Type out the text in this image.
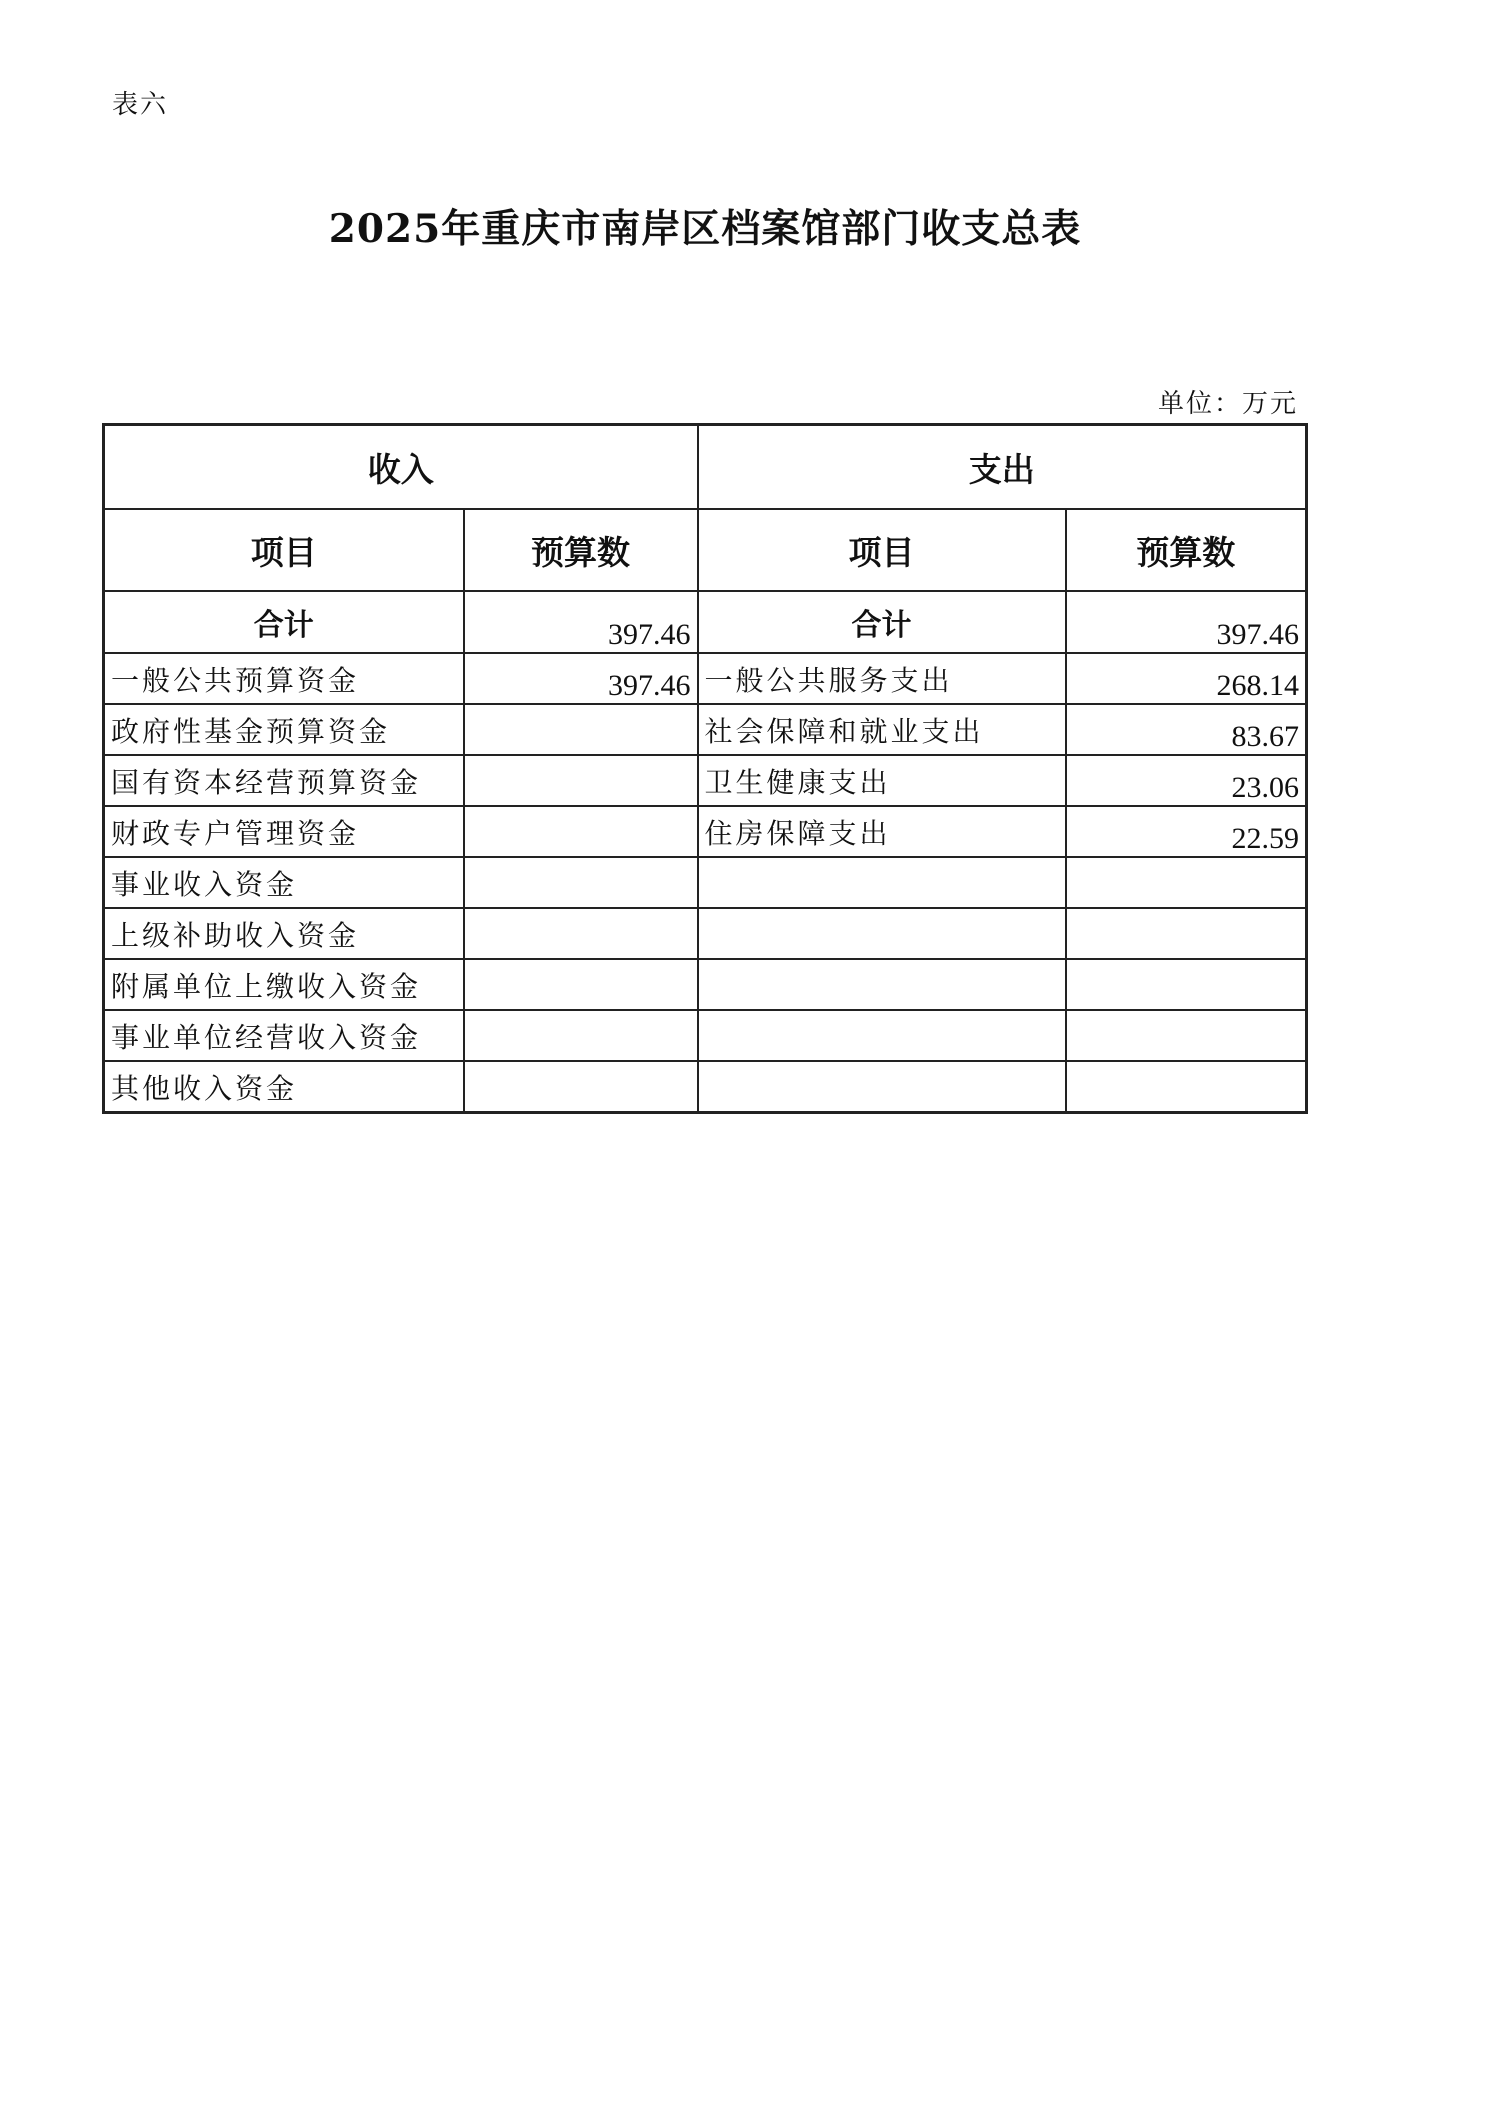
表六
2025年重庆市南岸区档案馆部门收支总表
单位：万元
收入		支出	
项目	预算数	项目	预算数
合计	397.46	合计	397.46
一般公共预算资金	397.46	一般公共服务支出	268.14
政府性基金预算资金		社会保障和就业支出	83.67
国有资本经营预算资金		卫生健康支出	23.06
财政专户管理资金		住房保障支出	22.59
事业收入资金			
上级补助收入资金			
附属单位上缴收入资金			
事业单位经营收入资金			
其他收入资金			
